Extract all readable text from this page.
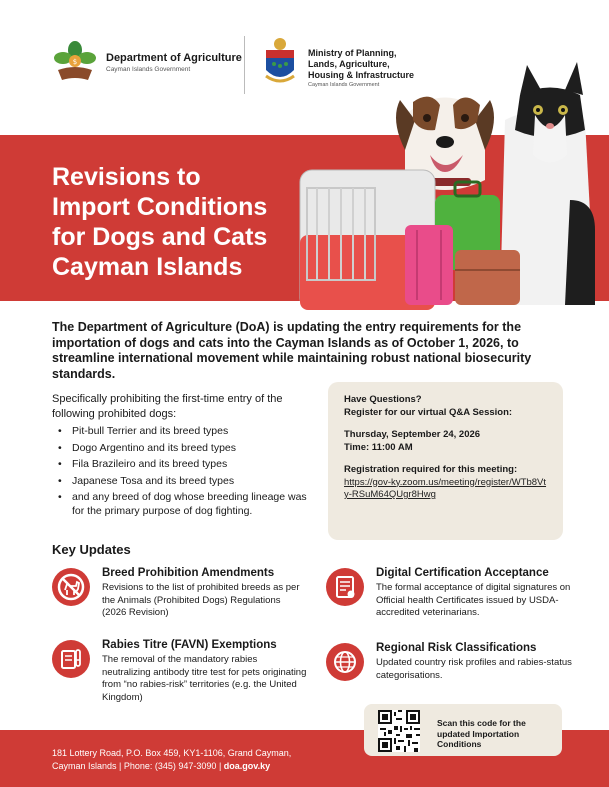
$	Department of Agriculture
Cayman Islands Government
Ministry of Planning,
Lands, Agriculture,
Housing & Infrastructure
Cayman Islands Government
Revisions to
Import Conditions
for Dogs and Cats
Cayman Islands
The Department of Agriculture (DoA) is updating the entry requirements for the importation of dogs and cats into the Cayman Islands as of October 1, 2026, to streamline international movement while maintaining robust national biosecurity standards.
Specifically prohibiting the first-time entry of the following prohibited dogs:
• Pit-bull Terrier and its breed types
• Dogo Argentino and its breed types
• Fila Brazileiro and its breed types
• Japanese Tosa and its breed types
• and any breed of dog whose breeding lineage was for the primary purpose of dog fighting.
Have Questions?
Register for our virtual Q&A Session:
Thursday, September 24, 2026
Time: 11:00 AM
Registration required for this meeting:
https://gov-ky.zoom.us/meeting/register/WTb8Vty-RSuM64QUgr8Hwg
Key Updates
Breed Prohibition Amendments
Revisions to the list of prohibited breeds as per the Animals (Prohibited Dogs) Regulations (2026 Revision)
Digital Certification Acceptance
The formal acceptance of digital signatures on Official health Certificates issued by USDA-accredited veterinarians.
Rabies Titre (FAVN) Exemptions
The removal of the mandatory rabies neutralizing antibody titre test for pets originating from “no rabies-risk” territories (e.g. the United Kingdom)
Regional Risk Classifications
Updated country risk profiles and rabies-status categorisations.
181 Lottery Road, P.O. Box 459, KY1-1106, Grand Cayman,
Cayman Islands | Phone: (345) 947-3090 | doa.gov.ky
Scan this code for the updated Importation Conditions
